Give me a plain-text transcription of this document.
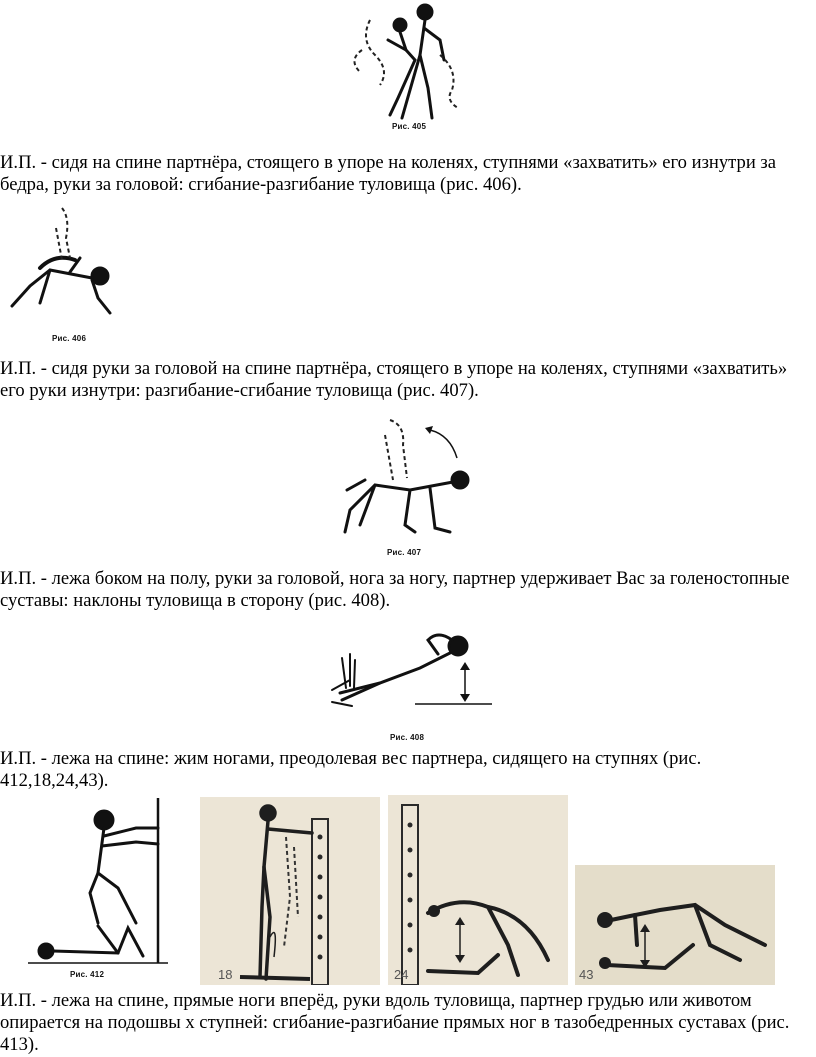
Рис. 405

И.П. - сидя на спине партнёра, стоящего в упоре на коленях, ступнями «захватить» его изнутри за бедра, руки за головой: сгибание-разгибание туловища (рис. 406).

Рис. 406

И.П. - сидя руки за головой на спине партнёра, стоящего в упоре на коленях, ступнями «захватить» его руки изнутри: разгибание-сгибание туловища (рис. 407).

Рис. 407

И.П. - лежа боком на полу, руки за головой, нога за ногу, партнер удерживает Вас за голеностопные суставы: наклоны туловища в сторону (рис. 408).

Рис. 408

И.П. - лежа на спине: жим ногами, преодолевая вес партнера, сидящего на ступнях (рис. 412,18,24,43).

Рис. 412	18	24	43

И.П. - лежа на спине, прямые ноги вперёд, руки вдоль туловища, партнер грудью или животом опирается на подошвы х ступней: сгибание-разгибание прямых ног в тазобедренных суставах (рис. 413).
